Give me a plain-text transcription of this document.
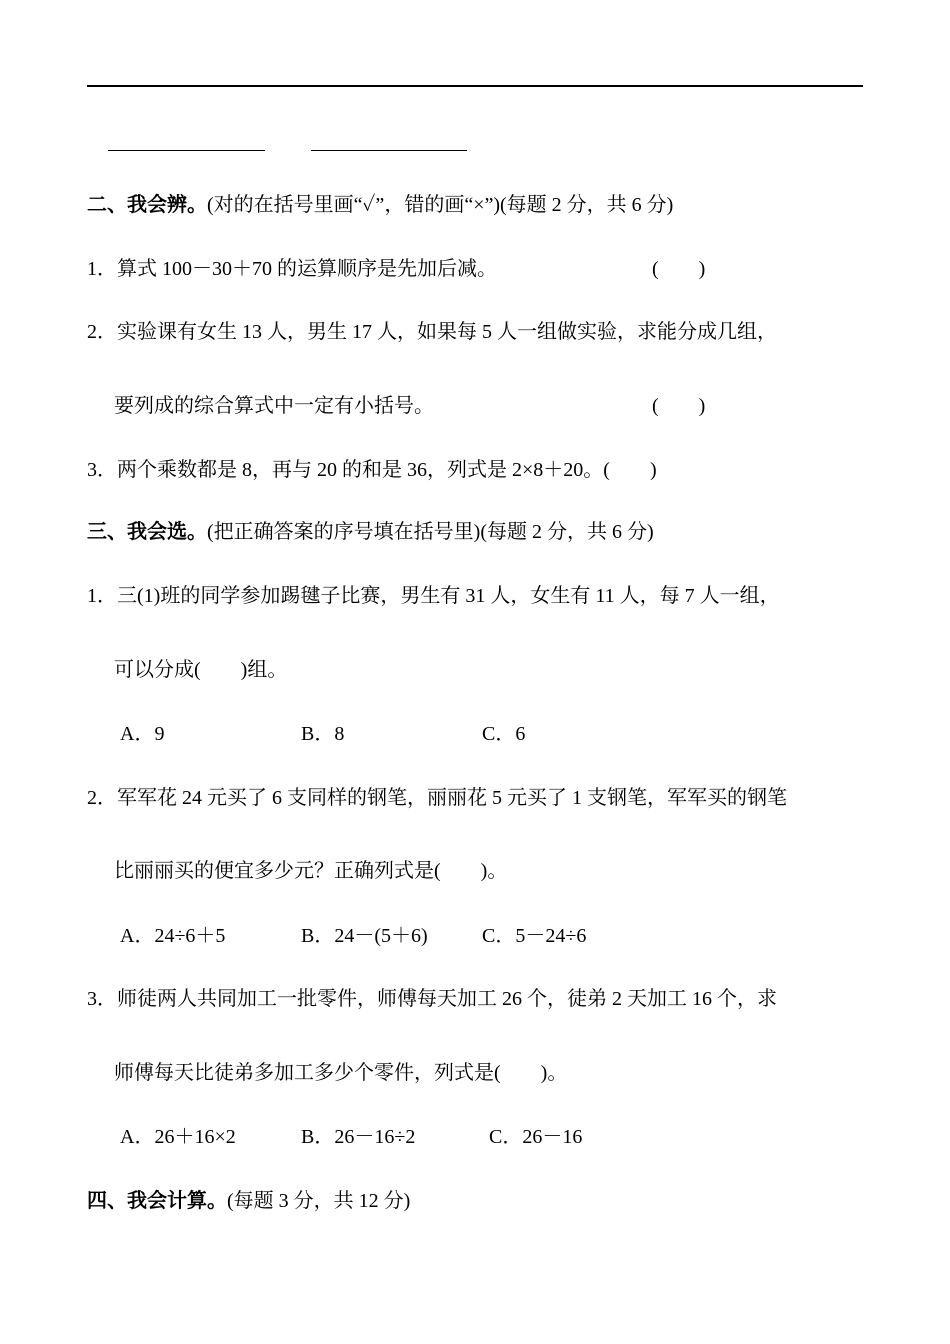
二、我会辨。(对的在括号里画“✓”，错的画“×”)(每题 2 分，共 6 分)
1．算式 100－30＋70 的运算顺序是先加后减。	(　　)
2．实验课有女生 13 人，男生 17 人，如果每 5 人一组做实验，求能分成几组，
要列成的综合算式中一定有小括号。	(　　)
3．两个乘数都是 8，再与 20 的和是 36，列式是 2×8＋20。(　　)
三、我会选。(把正确答案的序号填在括号里)(每题 2 分，共 6 分)
1．三(1)班的同学参加踢毽子比赛，男生有 31 人，女生有 11 人，每 7 人一组，
可以分成(　　)组。
A．9	B．8	C．6
2．军军花 24 元买了 6 支同样的钢笔，丽丽花 5 元买了 1 支钢笔，军军买的钢笔
比丽丽买的便宜多少元？正确列式是(　　)。
A．24÷6＋5	B．24－(5＋6)	C．5－24÷6
3．师徒两人共同加工一批零件，师傅每天加工 26 个，徒弟 2 天加工 16 个，求
师傅每天比徒弟多加工多少个零件，列式是(　　)。
A．26＋16×2	B．26－16÷2	C．26－16
四、我会计算。(每题 3 分，共 12 分)
